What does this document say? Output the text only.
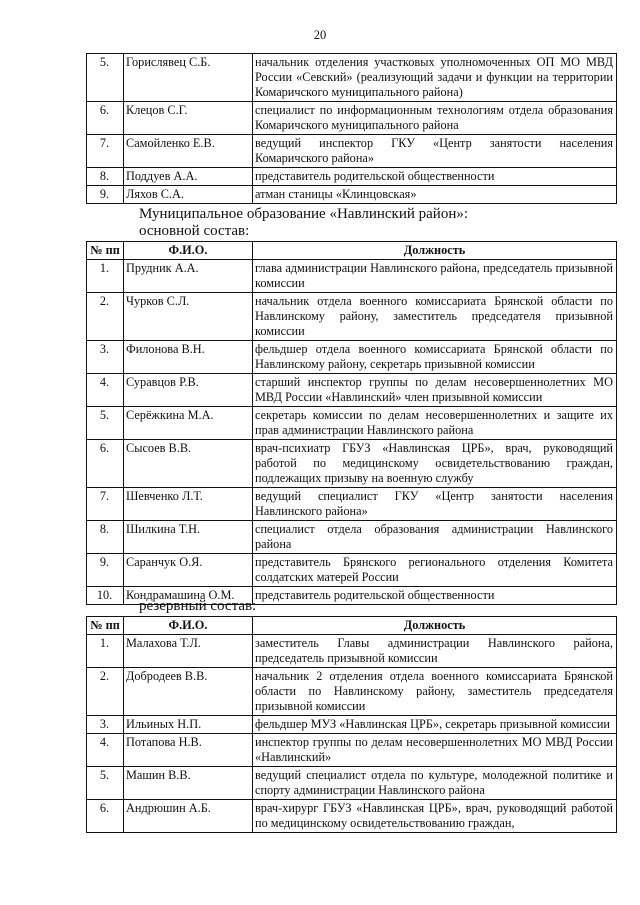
20
5.	Горислявец С.Б.	начальник отделения участковых уполномоченных ОП МО МВД России «Севский» (реализующий задачи и функции на территории Комаричского муниципального района)
6.	Клецов С.Г.	специалист по информационным технологиям отдела образования Комаричского муниципального района
7.	Самойленко Е.В.	ведущий инспектор ГКУ «Центр занятости населения Комаричского района»
8.	Поддуев А.А.	представитель родительской общественности
9.	Ляхов С.А.	атман станицы «Клинцовская»
Муниципальное образование «Навлинский район»:
основной состав:
№ пп	Ф.И.О.	Должность
1.	Прудник А.А.	глава администрации Навлинского района, председатель призывной комиссии
2.	Чурков С.Л.	начальник отдела военного комиссариата Брянской области по Навлинскому району, заместитель председателя призывной комиссии
3.	Филонова В.Н.	фельдшер отдела военного комиссариата Брянской области по Навлинскому району, секретарь призывной комиссии
4.	Суравцов Р.В.	старший инспектор группы по делам несовершеннолетних МО МВД России «Навлинский» член призывной комиссии
5.	Серёжкина М.А.	секретарь комиссии по делам несовершеннолетних и защите их прав администрации Навлинского района
6.	Сысоев В.В.	врач-психиатр ГБУЗ «Навлинская ЦРБ», врач, руководящий работой по медицинскому освидетельствованию граждан, подлежащих призыву на военную службу
7.	Шевченко Л.Т.	ведущий специалист ГКУ «Центр занятости населения Навлинского района»
8.	Шилкина Т.Н.	специалист отдела образования администрации Навлинского района
9.	Саранчук О.Я.	представитель Брянского регионального отделения Комитета солдатских матерей России
10.	Кондрамашина О.М.	представитель родительской общественности
резервный состав:
№ пп	Ф.И.О.	Должность
1.	Малахова Т.Л.	заместитель Главы администрации Навлинского района, председатель призывной комиссии
2.	Добродеев В.В.	начальник 2 отделения отдела военного комиссариата Брянской области по Навлинскому району, заместитель председателя призывной комиссии
3.	Ильиных Н.П.	фельдшер МУЗ «Навлинская ЦРБ», секретарь призывной комиссии
4.	Потапова Н.В.	инспектор группы по делам несовершеннолетних МО МВД России «Навлинский»
5.	Машин В.В.	ведущий специалист отдела по культуре, молодежной политике и спорту администрации Навлинского района
6.	Андрюшин А.Б.	врач-хирург ГБУЗ «Навлинская ЦРБ», врач, руководящий работой по медицинскому освидетельствованию граждан,
